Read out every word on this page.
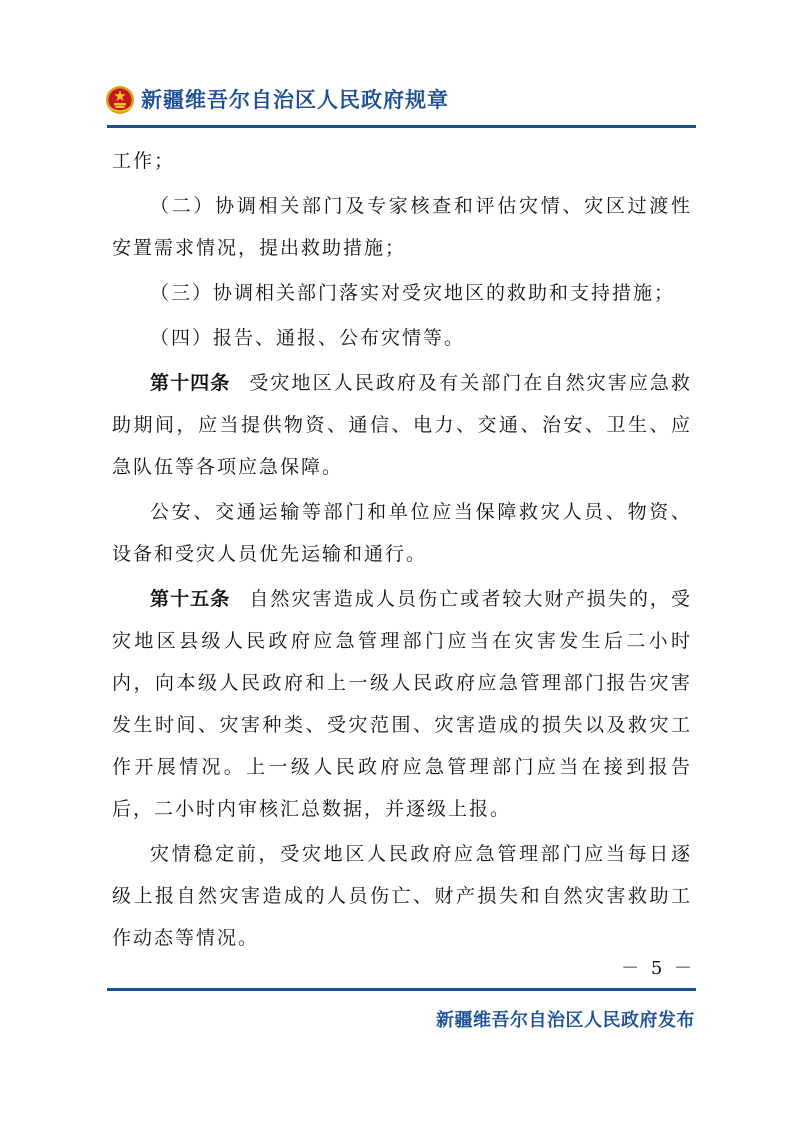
新疆维吾尔自治区人民政府规章

工作；

（二）协调相关部门及专家核查和评估灾情、灾区过渡性安置需求情况，提出救助措施；

（三）协调相关部门落实对受灾地区的救助和支持措施；

（四）报告、通报、公布灾情等。

第十四条 受灾地区人民政府及有关部门在自然灾害应急救助期间，应当提供物资、通信、电力、交通、治安、卫生、应急队伍等各项应急保障。

公安、交通运输等部门和单位应当保障救灾人员、物资、设备和受灾人员优先运输和通行。

第十五条 自然灾害造成人员伤亡或者较大财产损失的，受灾地区县级人民政府应急管理部门应当在灾害发生后二小时内，向本级人民政府和上一级人民政府应急管理部门报告灾害发生时间、灾害种类、受灾范围、灾害造成的损失以及救灾工作开展情况。上一级人民政府应急管理部门应当在接到报告后，二小时内审核汇总数据，并逐级上报。

灾情稳定前，受灾地区人民政府应急管理部门应当每日逐级上报自然灾害造成的人员伤亡、财产损失和自然灾害救助工作动态等情况。

－ 5 －
新疆维吾尔自治区人民政府发布
